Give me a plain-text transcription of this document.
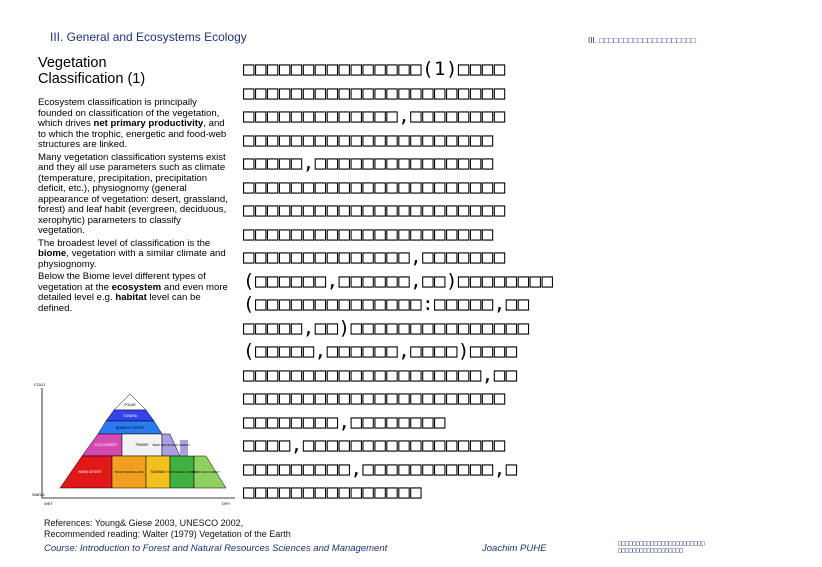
III. General and Ecosystems Ecology	III. □□□□□□□□□□□□□□□□□□□□
Vegetation
Classification (1)

Ecosystem classification is principally founded on classification of the vegetation, which drives net primary productivity, and to which the trophic, energetic and food-web structures are linked.

Many vegetation classification systems exist and they all use parameters such as climate (temperature, precipitation, precipitation deficit, etc.), physiognomy (general appearance of vegetation: desert, grassland, forest) and leaf habit (evergreen, deciduous, xerophytic) parameters to classify vegetation.

The broadest level of classification is the biome, vegetation with a similar climate and physiognomy.

Below the Biome level different types of vegetation at the ecosystem and even more detailed level e.g. habitat level can be defined.

□□□□□□□□□□□□□□□(1)□□□□
□□□□□□□□□□□□□□□□□□□□□□
□□□□□□□□□□□□□,□□□□□□□□
□□□□□□□□□□□□□□□□□□□□□
□□□□□,□□□□□□□□□□□□□□□
□□□□□□□□□□□□□□□□□□□□□□
□□□□□□□□□□□□□□□□□□□□□□
□□□□□□□□□□□□□□□□□□□□□
□□□□□□□□□□□□□□,□□□□□□□
(□□□□□□,□□□□□□,□□)□□□□□□□□
(□□□□□□□□□□□□□□:□□□□□,□□
□□□□□,□□)□□□□□□□□□□□□□□□
(□□□□□,□□□□□□,□□□□)□□□□
□□□□□□□□□□□□□□□□□□□□,□□
□□□□□□□□□□□□□□□□□□□□□□
□□□□□□□□,□□□□□□□□
□□□□,□□□□□□□□□□□□□□□□□
□□□□□□□□□,□□□□□□□□□□□,□
□□□□□□□□□□□□□□□
COLD
WARM
WET	DRY
POLAR
TUNDRA
BOREAL FOREST
COLD DESERT	PRAIRIE TEMP. DECIDUOUS FOREST
WARM DESERT	TROP. GRASS-LAND SAVANNA TROP. DECID. FOREST
TROP. RAIN FOREST
References: Young& Giese 2003, UNESCO 2002,
Recommended reading: Walter (1979) Vegetation of the Earth
Course: Introduction to Forest and Natural Resources Sciences and Management	Joachim PUHE	□□□□□□□□□□□□□□□□□□□□□□□□
□□□□□□□□□□□□□□□□□□
